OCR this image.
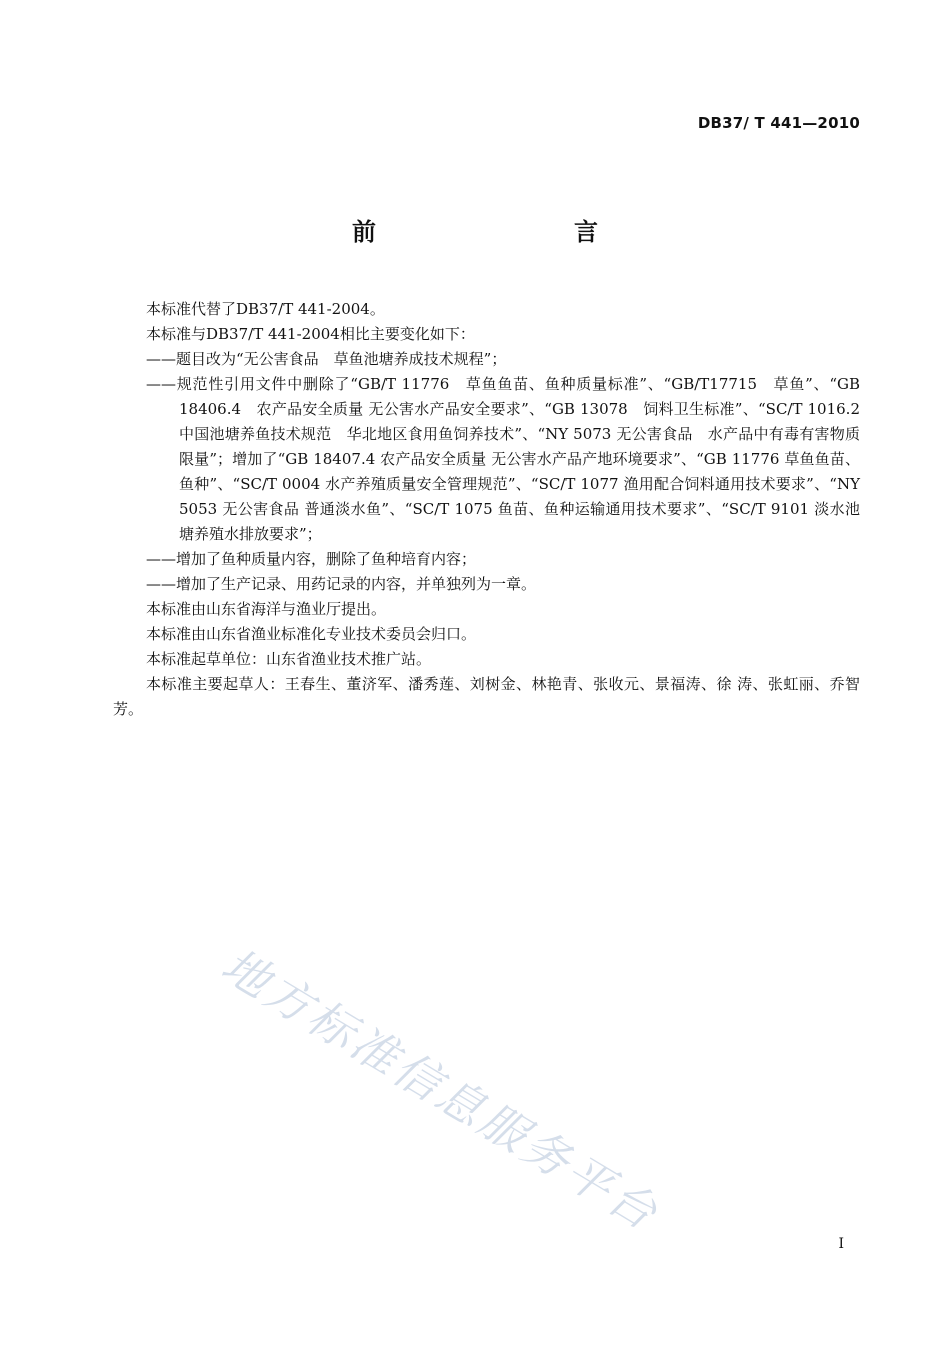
DB37/ T 441—2010
前　　言

本标准代替了DB37/T 441-2004。

本标准与DB37/T 441-2004相比主要变化如下：

——题目改为“无公害食品　草鱼池塘养成技术规程”；

——规范性引用文件中删除了“GB/T 11776　草鱼鱼苗、鱼种质量标准”、“GB/T17715　草鱼”、“GB 18406.4　农产品安全质量 无公害水产品安全要求”、“GB 13078　饲料卫生标准”、“SC/T 1016.2 中国池塘养鱼技术规范　华北地区食用鱼饲养技术”、“NY 5073 无公害食品　水产品中有毒有害物质限量”；增加了“GB 18407.4 农产品安全质量 无公害水产品产地环境要求”、“GB 11776 草鱼鱼苗、鱼种”、“SC/T 0004 水产养殖质量安全管理规范”、“SC/T 1077 渔用配合饲料通用技术要求”、“NY 5053 无公害食品 普通淡水鱼”、“SC/T 1075 鱼苗、鱼种运输通用技术要求”、“SC/T 9101 淡水池塘养殖水排放要求”；

——增加了鱼种质量内容，删除了鱼种培育内容；

——增加了生产记录、用药记录的内容，并单独列为一章。

本标准由山东省海洋与渔业厅提出。

本标准由山东省渔业标准化专业技术委员会归口。

本标准起草单位：山东省渔业技术推广站。

本标准主要起草人：王春生、董济军、潘秀莲、刘树金、林艳青、张收元、景福涛、徐 涛、张虹丽、乔智芳。

地方标准信息服务平台
I
